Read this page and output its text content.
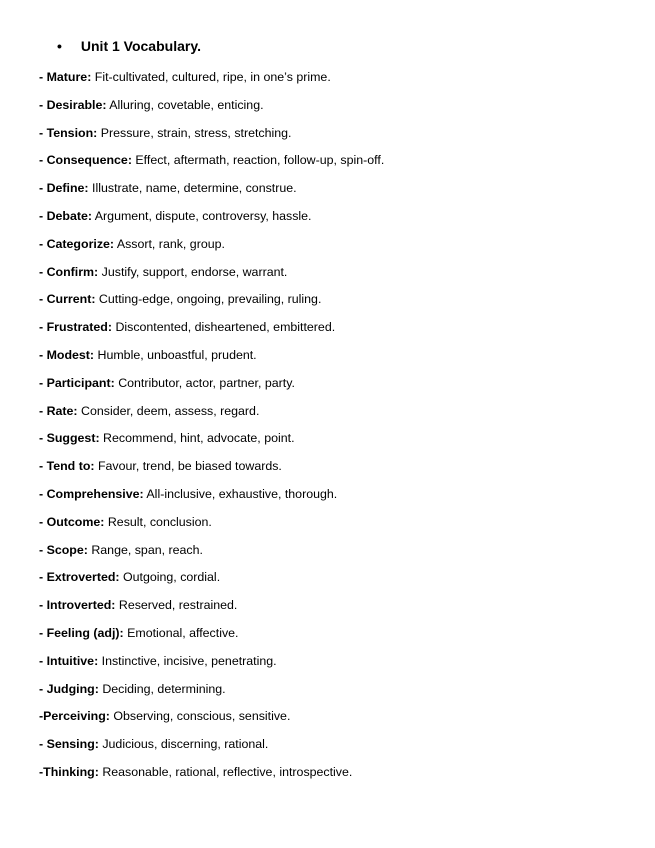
• Unit 1 Vocabulary.
- Mature: Fit-cultivated, cultured, ripe, in one’s prime.
- Desirable: Alluring, covetable, enticing.
- Tension: Pressure, strain, stress, stretching.
- Consequence: Effect, aftermath, reaction, follow-up, spin-off.
- Define: Illustrate, name, determine, construe.
- Debate: Argument, dispute, controversy, hassle.
- Categorize: Assort, rank, group.
- Confirm: Justify, support, endorse, warrant.
- Current: Cutting-edge, ongoing, prevailing, ruling.
- Frustrated: Discontented, disheartened, embittered.
- Modest: Humble, unboastful, prudent.
- Participant: Contributor, actor, partner, party.
- Rate: Consider, deem, assess, regard.
- Suggest: Recommend, hint, advocate, point.
- Tend to: Favour, trend, be biased towards.
- Comprehensive: All-inclusive, exhaustive, thorough.
- Outcome: Result, conclusion.
- Scope: Range, span, reach.
- Extroverted: Outgoing, cordial.
- Introverted: Reserved, restrained.
- Feeling (adj): Emotional, affective.
- Intuitive: Instinctive, incisive, penetrating.
- Judging: Deciding, determining.
-Perceiving: Observing, conscious, sensitive.
- Sensing: Judicious, discerning, rational.
-Thinking: Reasonable, rational, reflective, introspective.
